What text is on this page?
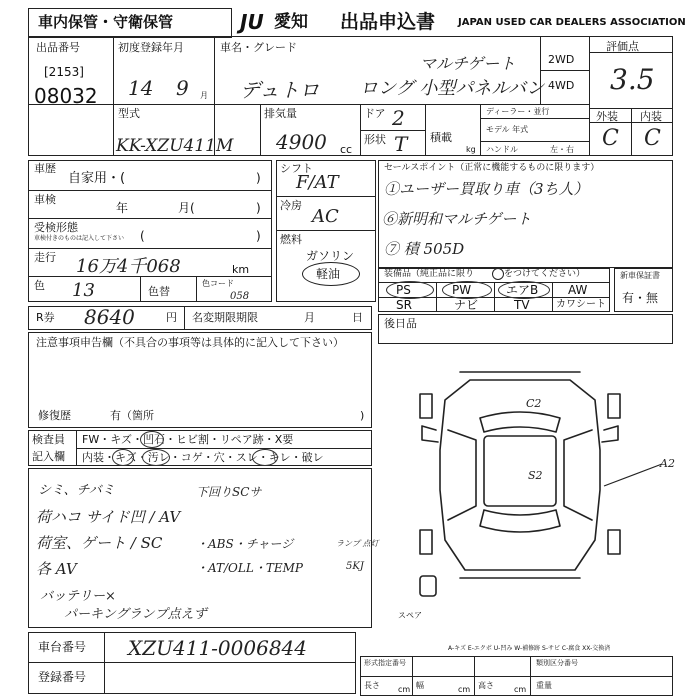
車内保管・守衛保管	JU 愛知 出品申込書 JAPAN USED CAR DEALERS ASSOCIATION
出品番号
[2153]
08032
初度登録年月
14 9 月
車名・グレード
マルチゲート
デュトロ ロング 小型パネルバン
2WD
4WD
評価点
3.5
型式
KK-XZU411M
排気量
4900 cc
ドア 2
形状 T 積載
kg
ディーラー・並行
モデル 年式
ハンドル	左・右
外装 内装
C C
車歴
自家用・(	)
車検
年	月(	)
受検形態
車検付きのものは記入して下さい (	)
走行 16万4千068	km
色 13	色替
色コード
058
シフト
F/AT
冷房
AC
燃料
ガソリン
軽油
セールスポイント（正常に機能するものに限ります）
①ユーザー買取り車（3ち人）
⑥新明和マルチゲート
⑦ 積 505D
装備品（純正品に限り	をつけてください）
PS	PW	エアB AW
SR	ナビ	TV	カワシート
新車保証書
有・無
R券 8640	円 名変期限期限	月	日
注意事項申告欄（不具合の事項等は具体的に記入して下さい）
修復歴	有（箇所	)
検査員
記入欄
FW・キズ・凹石・ヒビ割・リペア跡・X要
内装・キズ・汚レ・コゲ・穴・スレ・キレ・破レ
シミ、チバミ
荷ハコ サイド凹 / AV
荷室、ゲート / SC
各 AV
バッテリー×
パーキングランプ点えず
下回りSCサ
・ABS・チャージ
・AT/OLL・TEMP
ランプ 点灯
5KJ
後日品
C2
S2
A2
スペア
A-キズ E-エクボ U-凹み W-補修跡 S-サビ C-腐食 XX-交換済
車台番号 XZU411-0006844
登録番号
形式指定番号	類別区分番号
長さ cm 幅	cm 高さ	cm 重量
